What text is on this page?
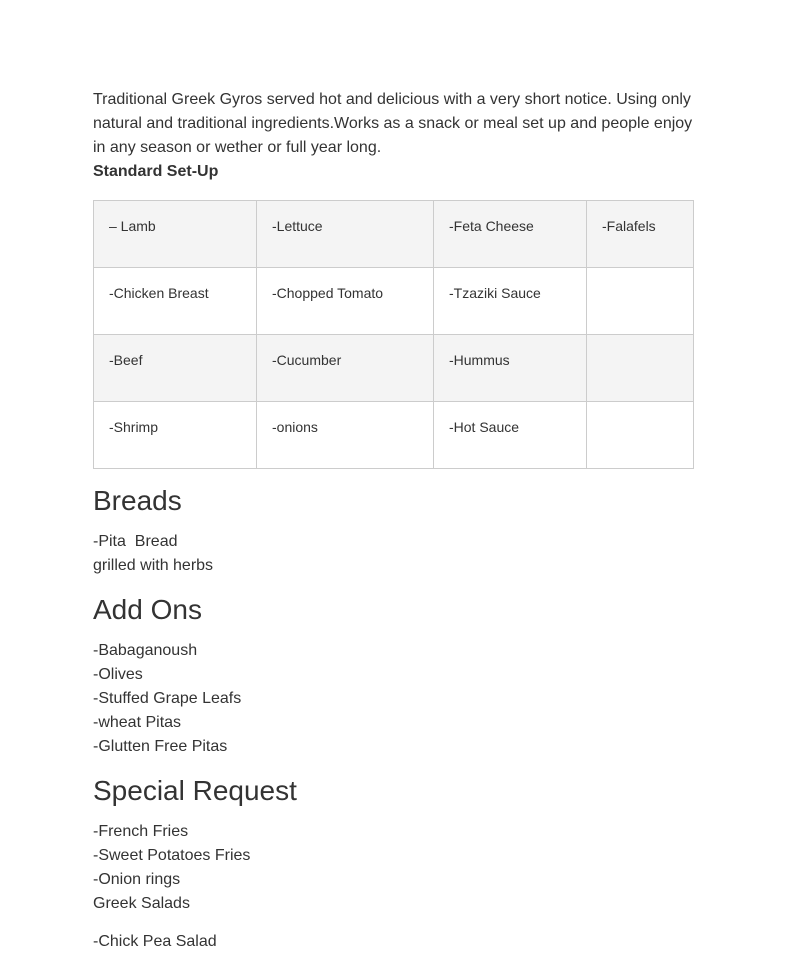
Traditional Greek Gyros served hot and delicious with a very short notice. Using only
natural and traditional ingredients.Works as a snack or meal set up and people enjoy
in any season or wether or full year long.

Standard Set-Up

– Lamb	-Lettuce	-Feta Cheese	-Falafels
-Chicken Breast	-Chopped Tomato	-Tzaziki Sauce	
-Beef	-Cucumber	-Hummus	
-Shrimp	-onions	-Hot Sauce	
Breads

-Pita  Bread

grilled with herbs

Add Ons

-Babaganoush

-Olives

-Stuffed Grape Leafs

-wheat Pitas

-Glutten Free Pitas

Special Request

-French Fries

-Sweet Potatoes Fries

-Onion rings

Greek Salads

-Chick Pea Salad
